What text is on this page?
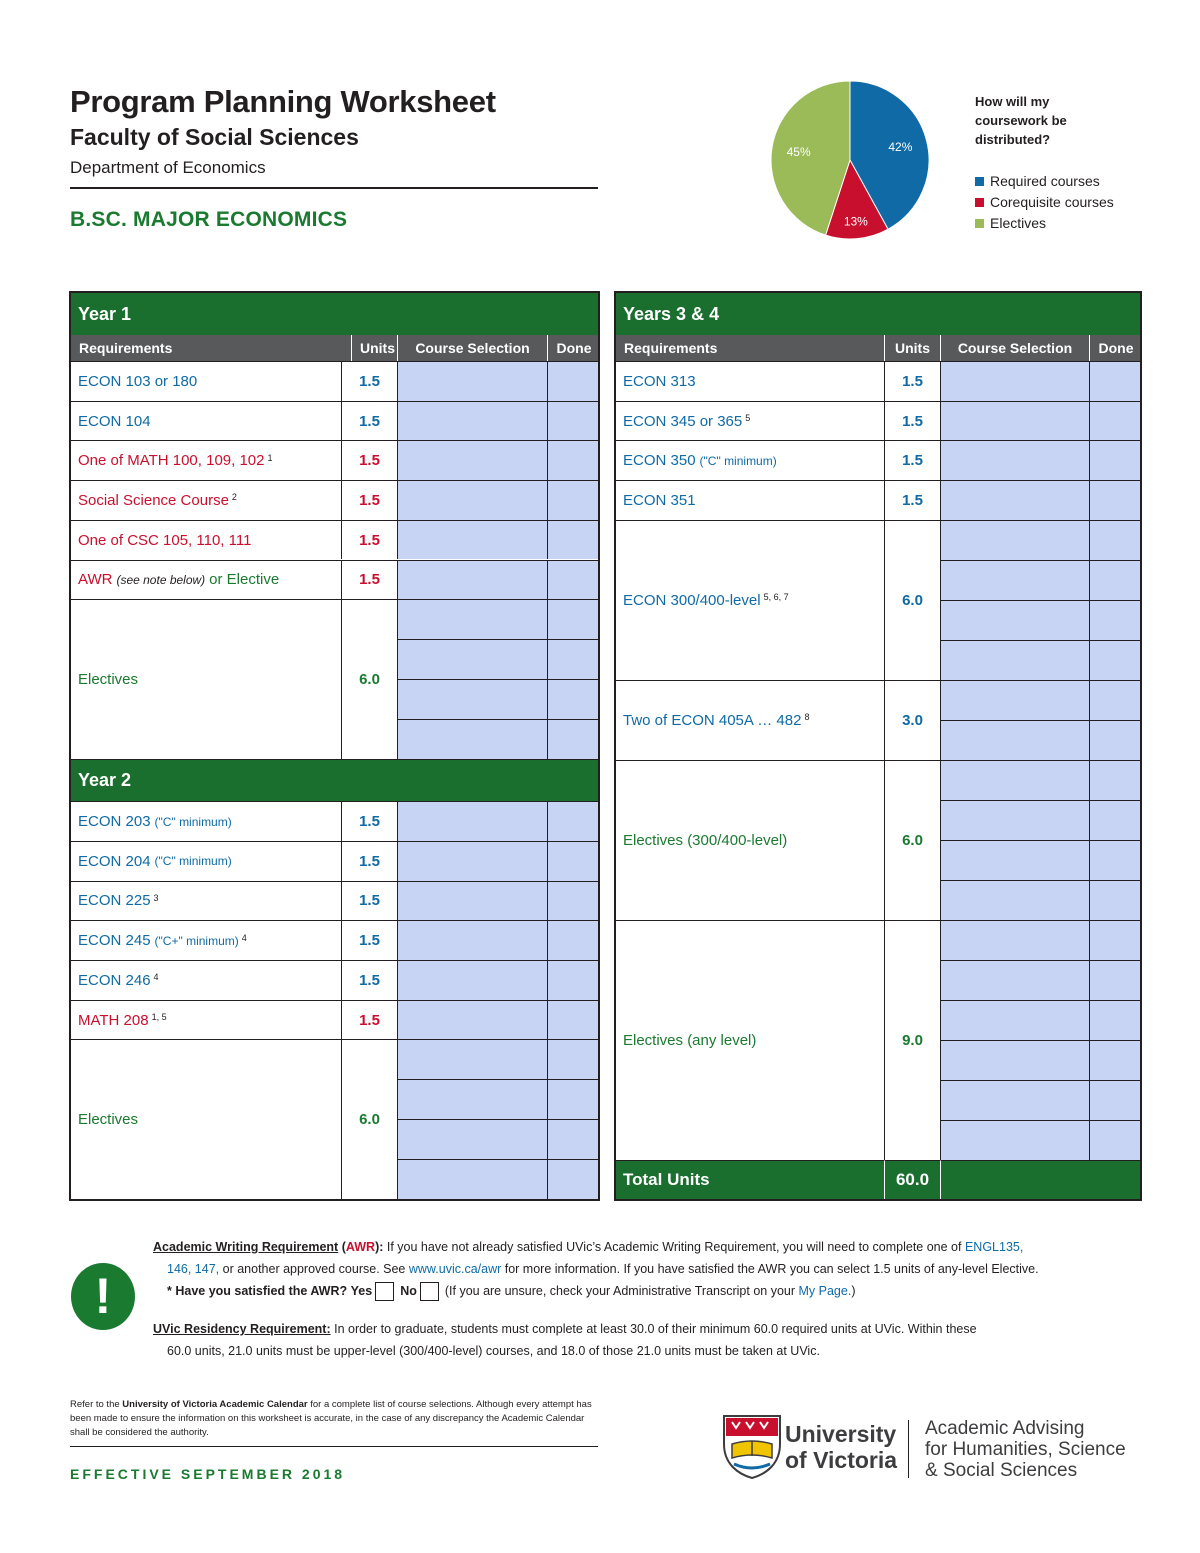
Program Planning Worksheet
Faculty of Social Sciences
Department of Economics
B.SC. MAJOR ECONOMICS
42%
13%
45%
How will my coursework be distributed?
Required courses
Corequisite courses
Electives
Year 1
Requirements	Units	Course Selection	Done
ECON 103 or 180	1.5
ECON 104	1.5
One of MATH 100, 109, 102 $^1$	1.5
Social Science Course $^2$	1.5
One of CSC 105, 110, 111	1.5
AWR (see note below) or Elective	1.5
Electives	6.0
Year 2
ECON 203 ("C" minimum)	1.5
ECON 204 ("C" minimum)	1.5
ECON 225 $^3$	1.5
ECON 245 ("C+" minimum) $^4$	1.5
ECON 246 $^4$	1.5
MATH 208 $^{1, 5}$	1.5
Electives	6.0
Years 3 & 4
Requirements	Units	Course Selection	Done
ECON 313	1.5
ECON 345 or 365 $^5$	1.5
ECON 350 ("C" minimum)	1.5
ECON 351	1.5
ECON 300/400-level $^{5, 6, 7}$	6.0
Two of ECON 405A … 482 $^8$	3.0
Electives (300/400-level)	6.0
Electives (any level)	9.0
Total Units	60.0
!
Academic Writing Requirement (AWR): If you have not already satisfied UVic’s Academic Writing Requirement, you will need to complete one of ENGL135,
146, 147, or another approved course. See www.uvic.ca/awr for more information. If you have satisfied the AWR you can select 1.5 units of any-level Elective.
* Have you satisfied the AWR? Yes No (If you are unsure, check your Administrative Transcript on your My Page.)
UVic Residency Requirement: In order to graduate, students must complete at least 30.0 of their minimum 60.0 required units at UVic. Within these
60.0 units, 21.0 units must be upper-level (300/400-level) courses, and 18.0 of those 21.0 units must be taken at UVic.
Refer to the University of Victoria Academic Calendar for a complete list of course selections. Although every attempt has been made to ensure the information on this worksheet is accurate, in the case of any discrepancy the Academic Calendar shall be considered the authority.
EFFECTIVE SEPTEMBER 2018
University
of Victoria
Academic Advising
for Humanities, Science
& Social Sciences
